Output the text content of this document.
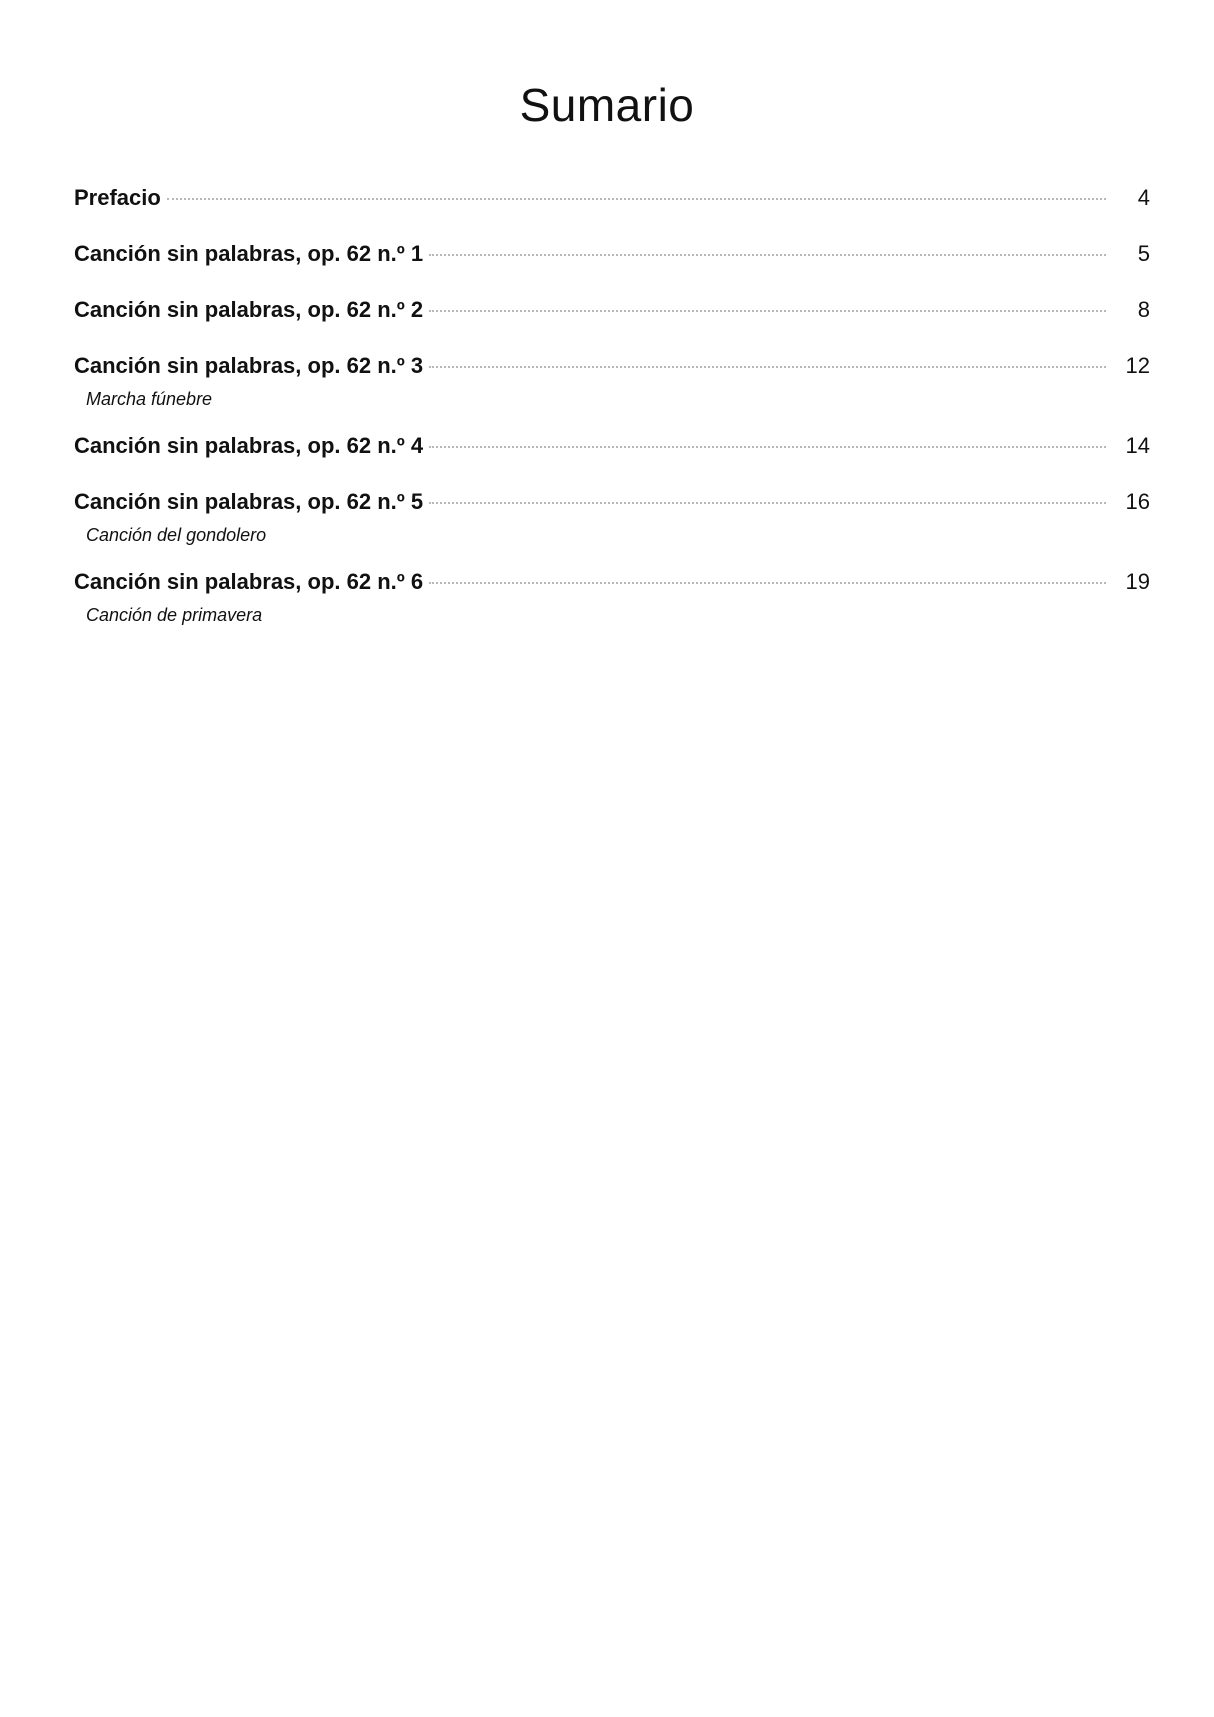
Sumario
Prefacio	4
Canción sin palabras, op. 62 n.º 1	5
Canción sin palabras, op. 62 n.º 2	8
Canción sin palabras, op. 62 n.º 3	12
Marcha fúnebre
Canción sin palabras, op. 62 n.º 4	14
Canción sin palabras, op. 62 n.º 5	16
Canción del gondolero
Canción sin palabras, op. 62 n.º 6	19
Canción de primavera
